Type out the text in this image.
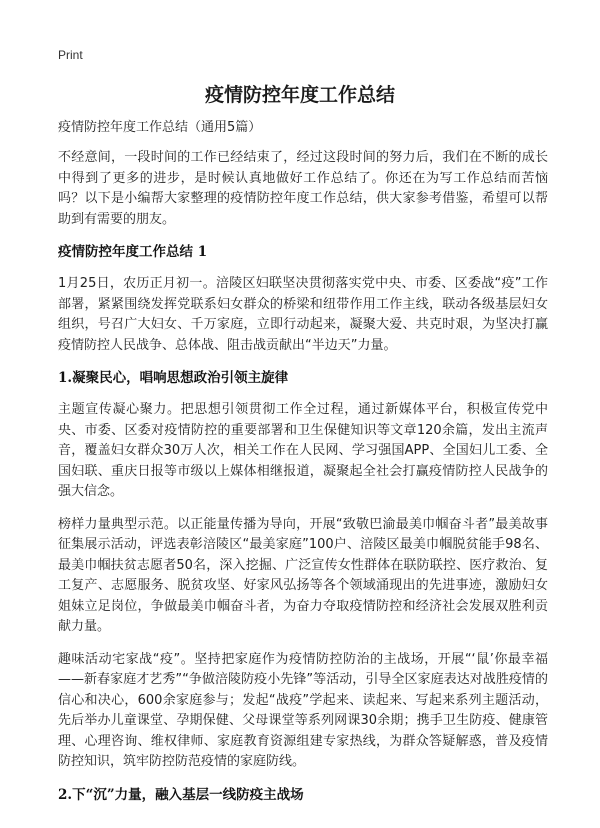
Print
疫情防控年度工作总结

疫情防控年度工作总结（通用5篇）

不经意间，一段时间的工作已经结束了，经过这段时间的努力后，我们在不断的成长中得到了更多的进步，是时候认真地做好工作总结了。你还在为写工作总结而苦恼吗？以下是小编帮大家整理的疫情防控年度工作总结，供大家参考借鉴，希望可以帮助到有需要的朋友。

疫情防控年度工作总结 1

1月25日，农历正月初一。涪陵区妇联坚决贯彻落实党中央、市委、区委战“疫”工作部署，紧紧围绕发挥党联系妇女群众的桥梁和纽带作用工作主线，联动各级基层妇女组织，号召广大妇女、千万家庭，立即行动起来，凝聚大爱、共克时艰，为坚决打赢疫情防控人民战争、总体战、阻击战贡献出“半边天”力量。

1.凝聚民心，唱响思想政治引领主旋律

主题宣传凝心聚力。把思想引领贯彻工作全过程，通过新媒体平台，积极宣传党中央、市委、区委对疫情防控的重要部署和卫生保健知识等文章120余篇，发出主流声音，覆盖妇女群众30万人次，相关工作在人民网、学习强国APP、全国妇儿工委、全国妇联、重庆日报等市级以上媒体相继报道，凝聚起全社会打赢疫情防控人民战争的强大信念。

榜样力量典型示范。以正能量传播为导向，开展“致敬巴渝最美巾帼奋斗者”最美故事征集展示活动，评选表彰涪陵区“最美家庭”100户、涪陵区最美巾帼脱贫能手98名、最美巾帼扶贫志愿者50名，深入挖掘、广泛宣传女性群体在联防联控、医疗救治、复工复产、志愿服务、脱贫攻坚、好家风弘扬等各个领域涌现出的先进事迹，激励妇女姐妹立足岗位，争做最美巾帼奋斗者，为奋力夺取疫情防控和经济社会发展双胜利贡献力量。

趣味活动宅家战“疫”。坚持把家庭作为疫情防控防治的主战场，开展“‘鼠’你最幸福——新春家庭才艺秀”“争做涪陵防疫小先锋”等活动，引导全区家庭表达对战胜疫情的信心和决心，600余家庭参与；发起“战疫”学起来、读起来、写起来系列主题活动，先后举办儿童课堂、孕期保健、父母课堂等系列网课30余期；携手卫生防疫、健康管理、心理咨询、维权律师、家庭教育资源组建专家热线，为群众答疑解惑，普及疫情防控知识，筑牢防控防范疫情的家庭防线。

2.下“沉”力量，融入基层一线防疫主战场
